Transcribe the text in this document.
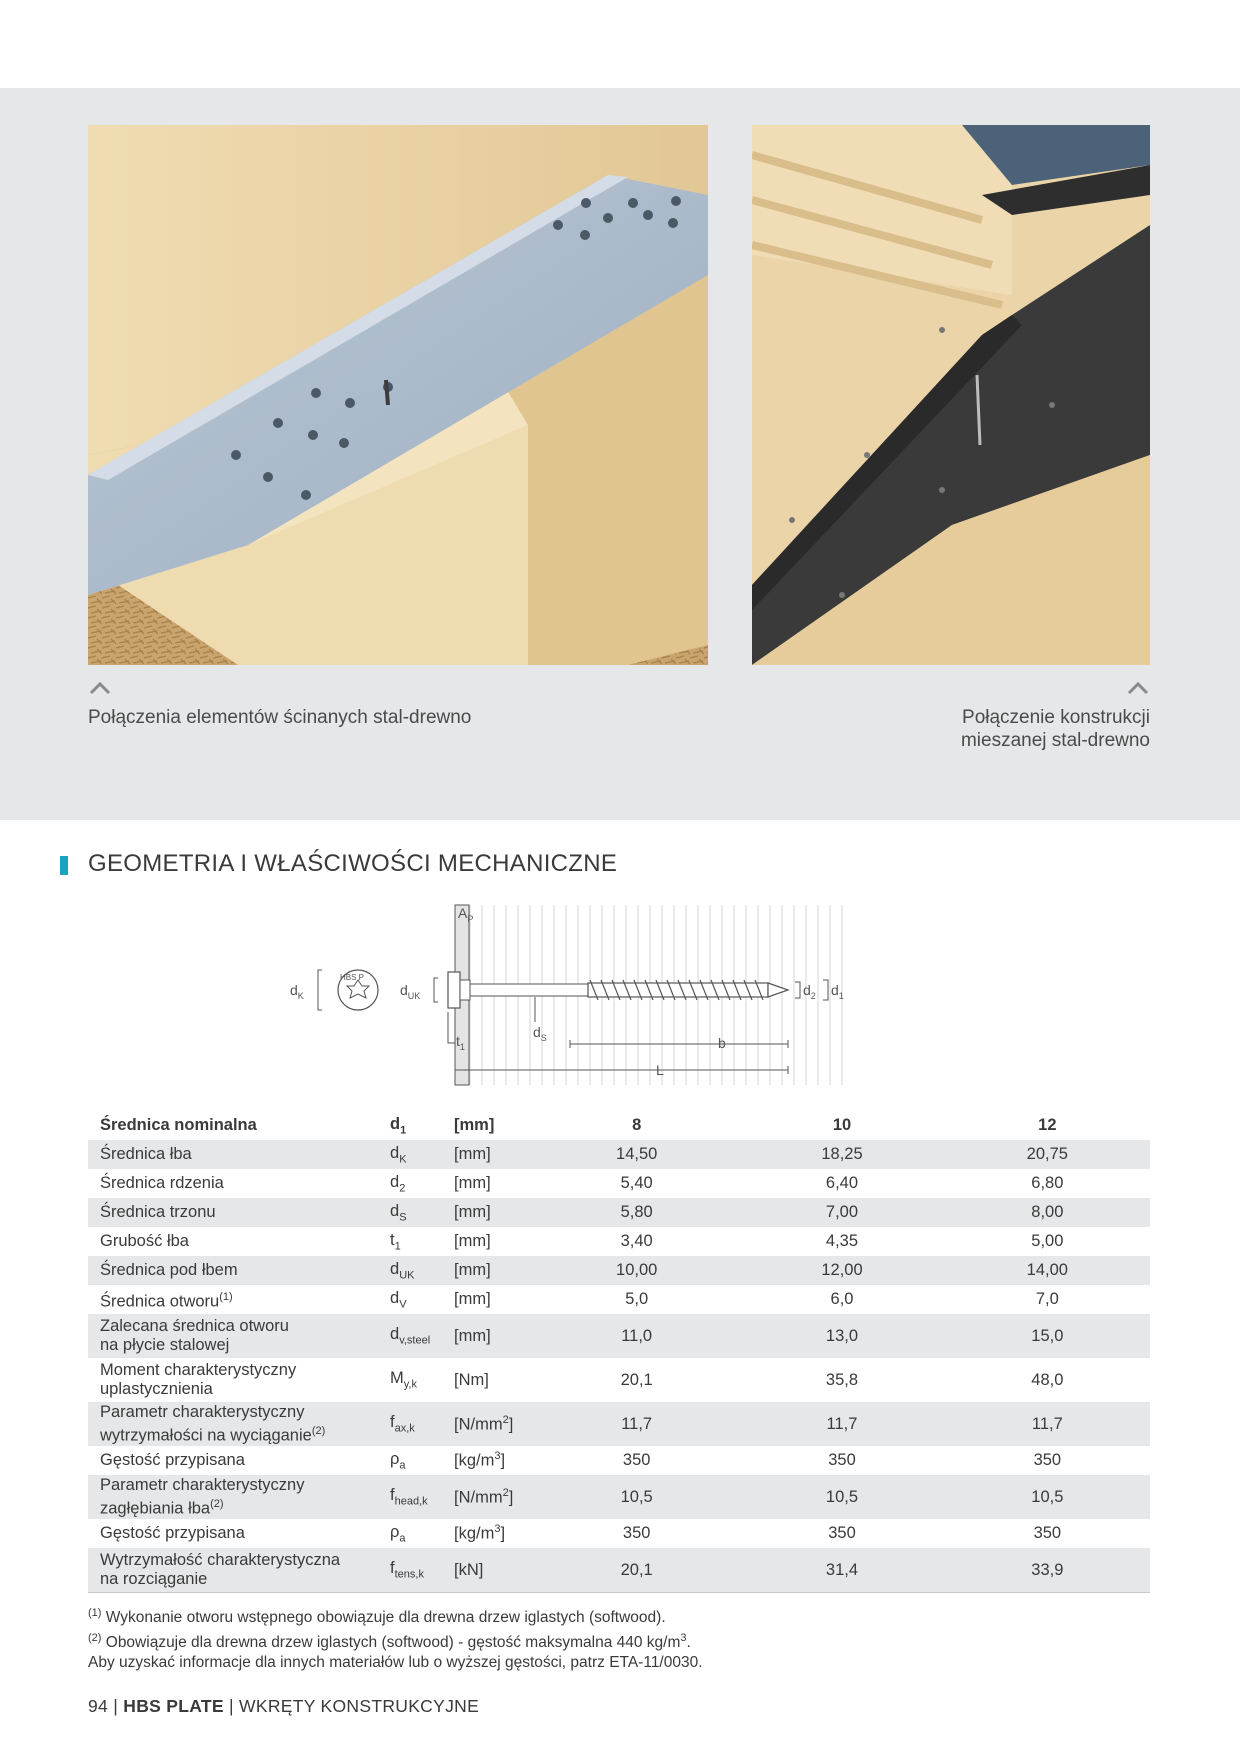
Połączenia elementów ścinanych stal-drewno	Połączenie konstrukcji
mieszanej stal-drewno
GEOMETRIA I WŁAŚCIWOŚCI MECHANICZNE
HBS P
$d_K$	$d_{UK}$
$A_P$
$t_1$
$d_S$	b
L
$d_2$ $d_1$
Średnica nominalna	$d_1$	[mm]	8	10	12
Średnica łba	$d_K$	[mm]	14,50	18,25	20,75
Średnica rdzenia	$d_2$	[mm]	5,40	6,40	6,80
Średnica trzonu	$d_S$	[mm]	5,80	7,00	8,00
Grubość łba	$t_1$	[mm]	3,40	4,35	5,00
Średnica pod łbem	$d_{UK}$	[mm]	10,00	12,00	14,00
Średnica otworu$^{(1)}$	$d_V$	[mm]	5,0	6,0	7,0

Zalecana średnica otworu
na płycie stalowej	$d_{v,steel}$	[mm]	11,0	13,0	15,0

Moment charakterystyczny
uplastycznienia	$M_{y,k}$	[Nm]	20,1	35,8	48,0

Parametr charakterystyczny
wytrzymałości na wyciąganie$^{(2)}$	$f_{ax,k}$	$[N/mm^2]$	11,7	11,7	11,7
Gęstość przypisana	$\rho_a$	$[kg/m^3]$	350	350	350

Parametr charakterystyczny
zagłębiania łba$^{(2)}$	$f_{head,k}$	$[N/mm^2]$	10,5	10,5	10,5
Gęstość przypisana	$\rho_a$	$[kg/m^3]$	350	350	350

Wytrzymałość charakterystyczna
na rozciąganie	$f_{tens,k}$	[kN]	20,1	31,4	33,9
$^{(1)}$ Wykonanie otworu wstępnego obowiązuje dla drewna drzew iglastych (softwood).
$^{(2)}$ Obowiązuje dla drewna drzew iglastych (softwood) - gęstość maksymalna 440 $kg/m^3$.
Aby uzyskać informacje dla innych materiałów lub o wyższej gęstości, patrz ETA-11/0030.
94 | HBS PLATE | WKRĘTY KONSTRUKCYJNE
